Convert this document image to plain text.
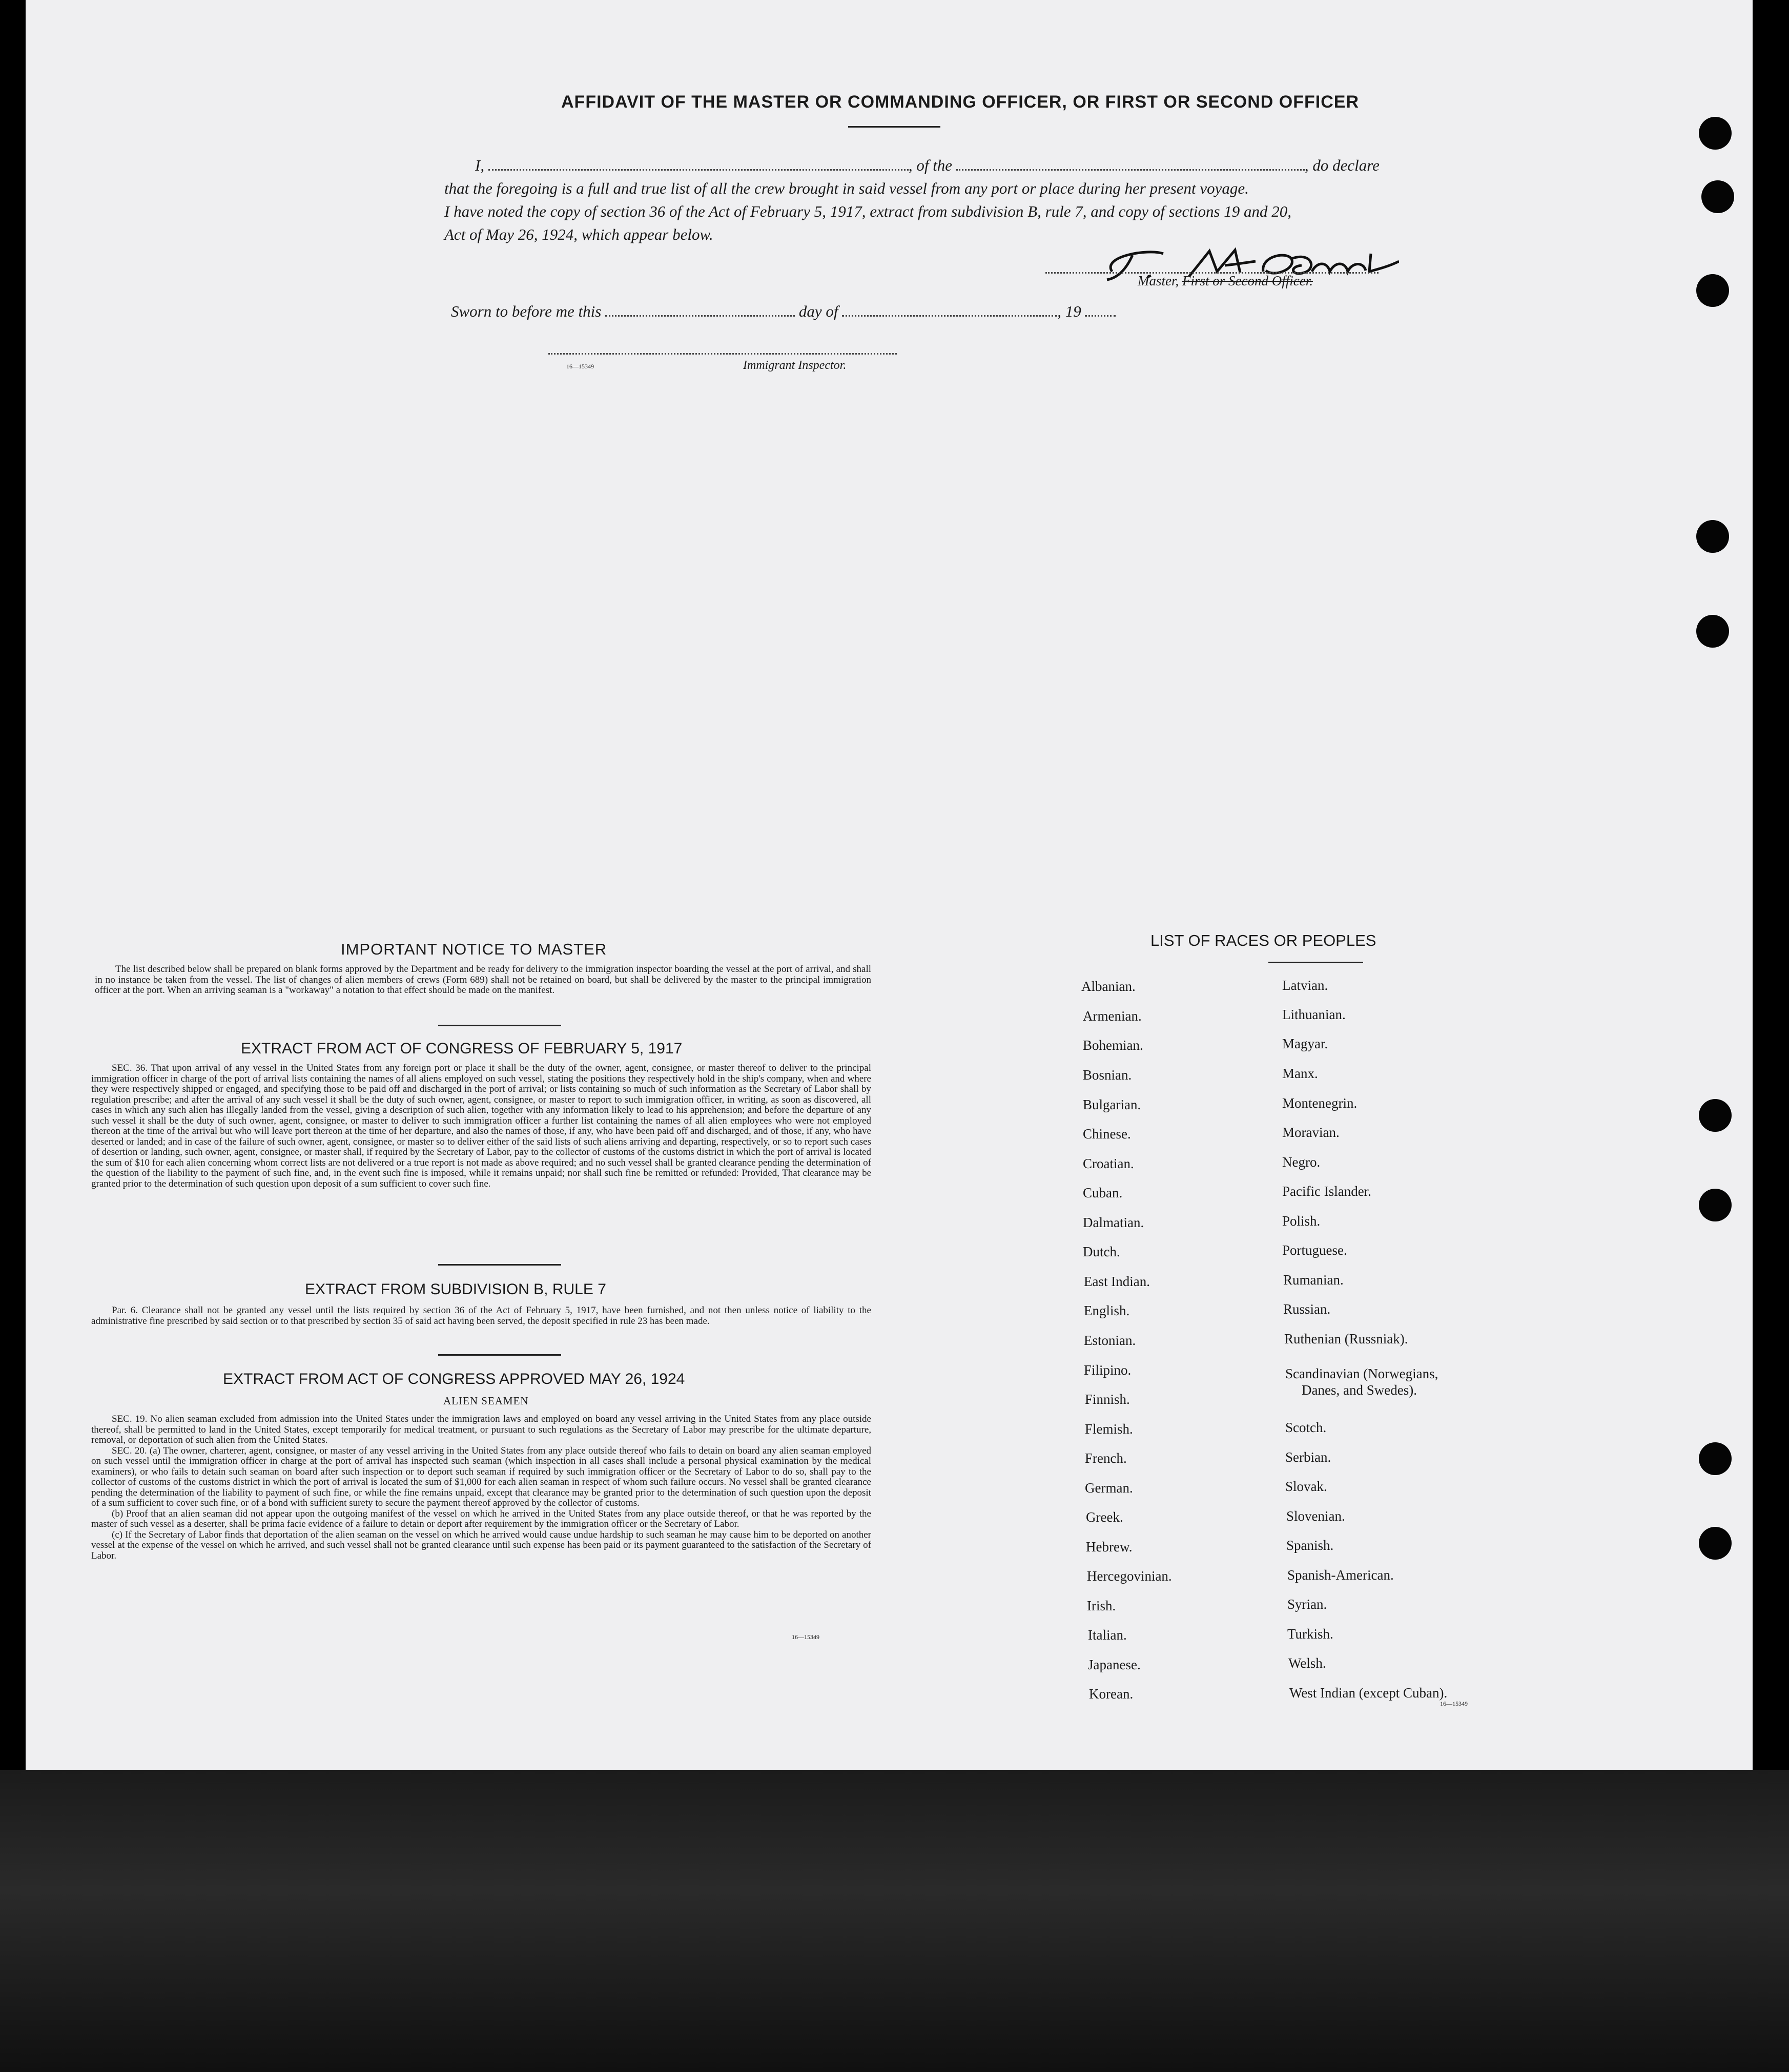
AFFIDAVIT OF THE MASTER OR COMMANDING OFFICER, OR FIRST OR SECOND OFFICER
I,	, of the	, do declare
that the foregoing is a full and true list of all the crew brought in said vessel from any port or place during her present voyage.
I have noted the copy of section 36 of the Act of February 5, 1917, extract from subdivision B, rule 7, and copy of sections 19 and 20,
Act of May 26, 1924, which appear below.
Master, First or Second Officer.
Sworn to before me this	day of	, 19
16—15349	Immigrant Inspector.
IMPORTANT NOTICE TO MASTER

The list described below shall be prepared on blank forms approved by the Department and be ready for delivery to the immigration inspector boarding the vessel at the port of arrival, and shall in no instance be taken from the vessel. The list of changes of alien members of crews (Form 689) shall not be retained on board, but shall be delivered by the master to the principal immigration officer at the port. When an arriving seaman is a "workaway" a notation to that effect should be made on the manifest.

EXTRACT FROM ACT OF CONGRESS OF FEBRUARY 5, 1917

SEC. 36. That upon arrival of any vessel in the United States from any foreign port or place it shall be the duty of the owner, agent, consignee, or master thereof to deliver to the principal immigration officer in charge of the port of arrival lists containing the names of all aliens employed on such vessel, stating the positions they respectively hold in the ship's company, when and where they were respectively shipped or engaged, and specifying those to be paid off and discharged in the port of arrival; or lists containing so much of such information as the Secretary of Labor shall by regulation prescribe; and after the arrival of any such vessel it shall be the duty of such owner, agent, consignee, or master to report to such immigration officer, in writing, as soon as discovered, all cases in which any such alien has illegally landed from the vessel, giving a description of such alien, together with any information likely to lead to his apprehension; and before the departure of any such vessel it shall be the duty of such owner, agent, consignee, or master to deliver to such immigration officer a further list containing the names of all alien employees who were not employed thereon at the time of the arrival but who will leave port thereon at the time of her departure, and also the names of those, if any, who have been paid off and discharged, and of those, if any, who have deserted or landed; and in case of the failure of such owner, agent, consignee, or master so to deliver either of the said lists of such aliens arriving and departing, respectively, or so to report such cases of desertion or landing, such owner, agent, consignee, or master shall, if required by the Secretary of Labor, pay to the collector of customs of the customs district in which the port of arrival is located the sum of $10 for each alien concerning whom correct lists are not delivered or a true report is not made as above required; and no such vessel shall be granted clearance pending the determination of the question of the liability to the payment of such fine, and, in the event such fine is imposed, while it remains unpaid; nor shall such fine be remitted or refunded: Provided, That clearance may be granted prior to the determination of such question upon deposit of a sum sufficient to cover such fine.

EXTRACT FROM SUBDIVISION B, RULE 7

Par. 6. Clearance shall not be granted any vessel until the lists required by section 36 of the Act of February 5, 1917, have been furnished, and not then unless notice of liability to the administrative fine prescribed by said section or to that prescribed by section 35 of said act having been served, the deposit specified in rule 23 has been made.

EXTRACT FROM ACT OF CONGRESS APPROVED MAY 26, 1924
ALIEN SEAMEN

SEC. 19. No alien seaman excluded from admission into the United States under the immigration laws and employed on board any vessel arriving in the United States from any place outside thereof, shall be permitted to land in the United States, except temporarily for medical treatment, or pursuant to such regulations as the Secretary of Labor may prescribe for the ultimate departure, removal, or deportation of such alien from the United States.

SEC. 20. (a) The owner, charterer, agent, consignee, or master of any vessel arriving in the United States from any place outside thereof who fails to detain on board any alien seaman employed on such vessel until the immigration officer in charge at the port of arrival has inspected such seaman (which inspection in all cases shall include a personal physical examination by the medical examiners), or who fails to detain such seaman on board after such inspection or to deport such seaman if required by such immigration officer or the Secretary of Labor to do so, shall pay to the collector of customs of the customs district in which the port of arrival is located the sum of $1,000 for each alien seaman in respect of whom such failure occurs. No vessel shall be granted clearance pending the determination of the liability to payment of such fine, or while the fine remains unpaid, except that clearance may be granted prior to the determination of such question upon the deposit of a sum sufficient to cover such fine, or of a bond with sufficient surety to secure the payment thereof approved by the collector of customs.

(b) Proof that an alien seaman did not appear upon the outgoing manifest of the vessel on which he arrived in the United States from any place outside thereof, or that he was reported by the master of such vessel as a deserter, shall be prima facie evidence of a failure to detain or deport after requirement by the immigration officer or the Secretary of Labor.

(c) If the Secretary of Labor finds that deportation of the alien seaman on the vessel on which he arrived would cause undue hardship to such seaman he may cause him to be deported on another vessel at the expense of the vessel on which he arrived, and such vessel shall not be granted clearance until such expense has been paid or its payment guaranteed to the satisfaction of the Secretary of Labor.

16—15349
LIST OF RACES OR PEOPLES
Albanian.
Armenian.
Bohemian.
Bosnian.
Bulgarian.
Chinese.
Croatian.
Cuban.
Dalmatian.
Dutch.
East Indian.
English.
Estonian.
Filipino.
Finnish.
Flemish.
French.
German.
Greek.
Hebrew.
Hercegovinian.
Irish.
Italian.
Japanese.
Korean.
Latvian.
Lithuanian.
Magyar.
Manx.
Montenegrin.
Moravian.
Negro.
Pacific Islander.
Polish.
Portuguese.
Rumanian.
Russian.
Ruthenian (Russniak).
Scandinavian (Norwegians,
Danes, and Swedes).
Scotch.
Serbian.
Slovak.
Slovenian.
Spanish.
Spanish-American.
Syrian.
Turkish.
Welsh.
West Indian (except Cuban).
16—15349
